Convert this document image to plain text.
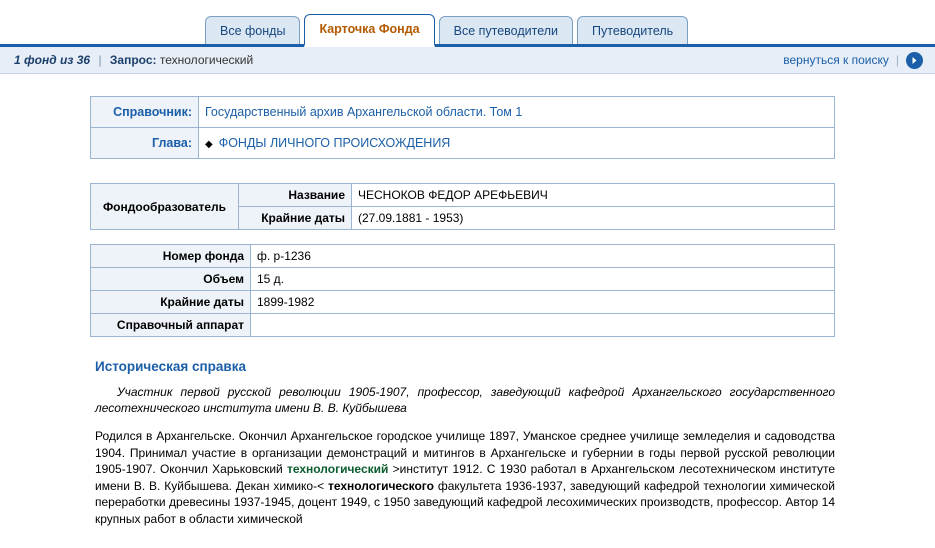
Все фонды	Карточка Фонда	Все путеводители	Путеводитель
1 фонд из 36 | Запрос: технологический	вернуться к поиску |
Справочник:	Государственный архив Архангельской области. Том 1
Глава:	◆ ФОНДЫ ЛИЧНОГО ПРОИСХОЖДЕНИЯ
Фондообразователь	Название	ЧЕСНОКОВ ФЕДОР АРЕФЬЕВИЧ
	Крайние даты	(27.09.1881 - 1953)
Номер фонда	ф. р-1236
Объем	15 д.
Крайние даты	1899-1982
Справочный аппарат	
Историческая справка

Участник первой русской революции 1905-1907, профессор, заведующий кафедрой Архангельского государственного лесотехнического института имени В. В. Куйбышева

Родился в Архангельске. Окончил Архангельское городское училище 1897, Уманское среднее училище земледелия и садоводства 1904. Принимал участие в организации демонстраций и митингов в Архангельске и губернии в годы первой русской революции 1905-1907. Окончил Харьковский технологический >институт 1912. С 1930 работал в Архангельском лесотехническом институте имени В. В. Куйбышева. Декан химико-< технологического факультета 1936-1937, заведующий кафедрой технологии химической переработки древесины 1937-1945, доцент 1949, с 1950 заведующий кафедрой лесохимических производств, профессор. Автор 14 крупных работ в области химической
